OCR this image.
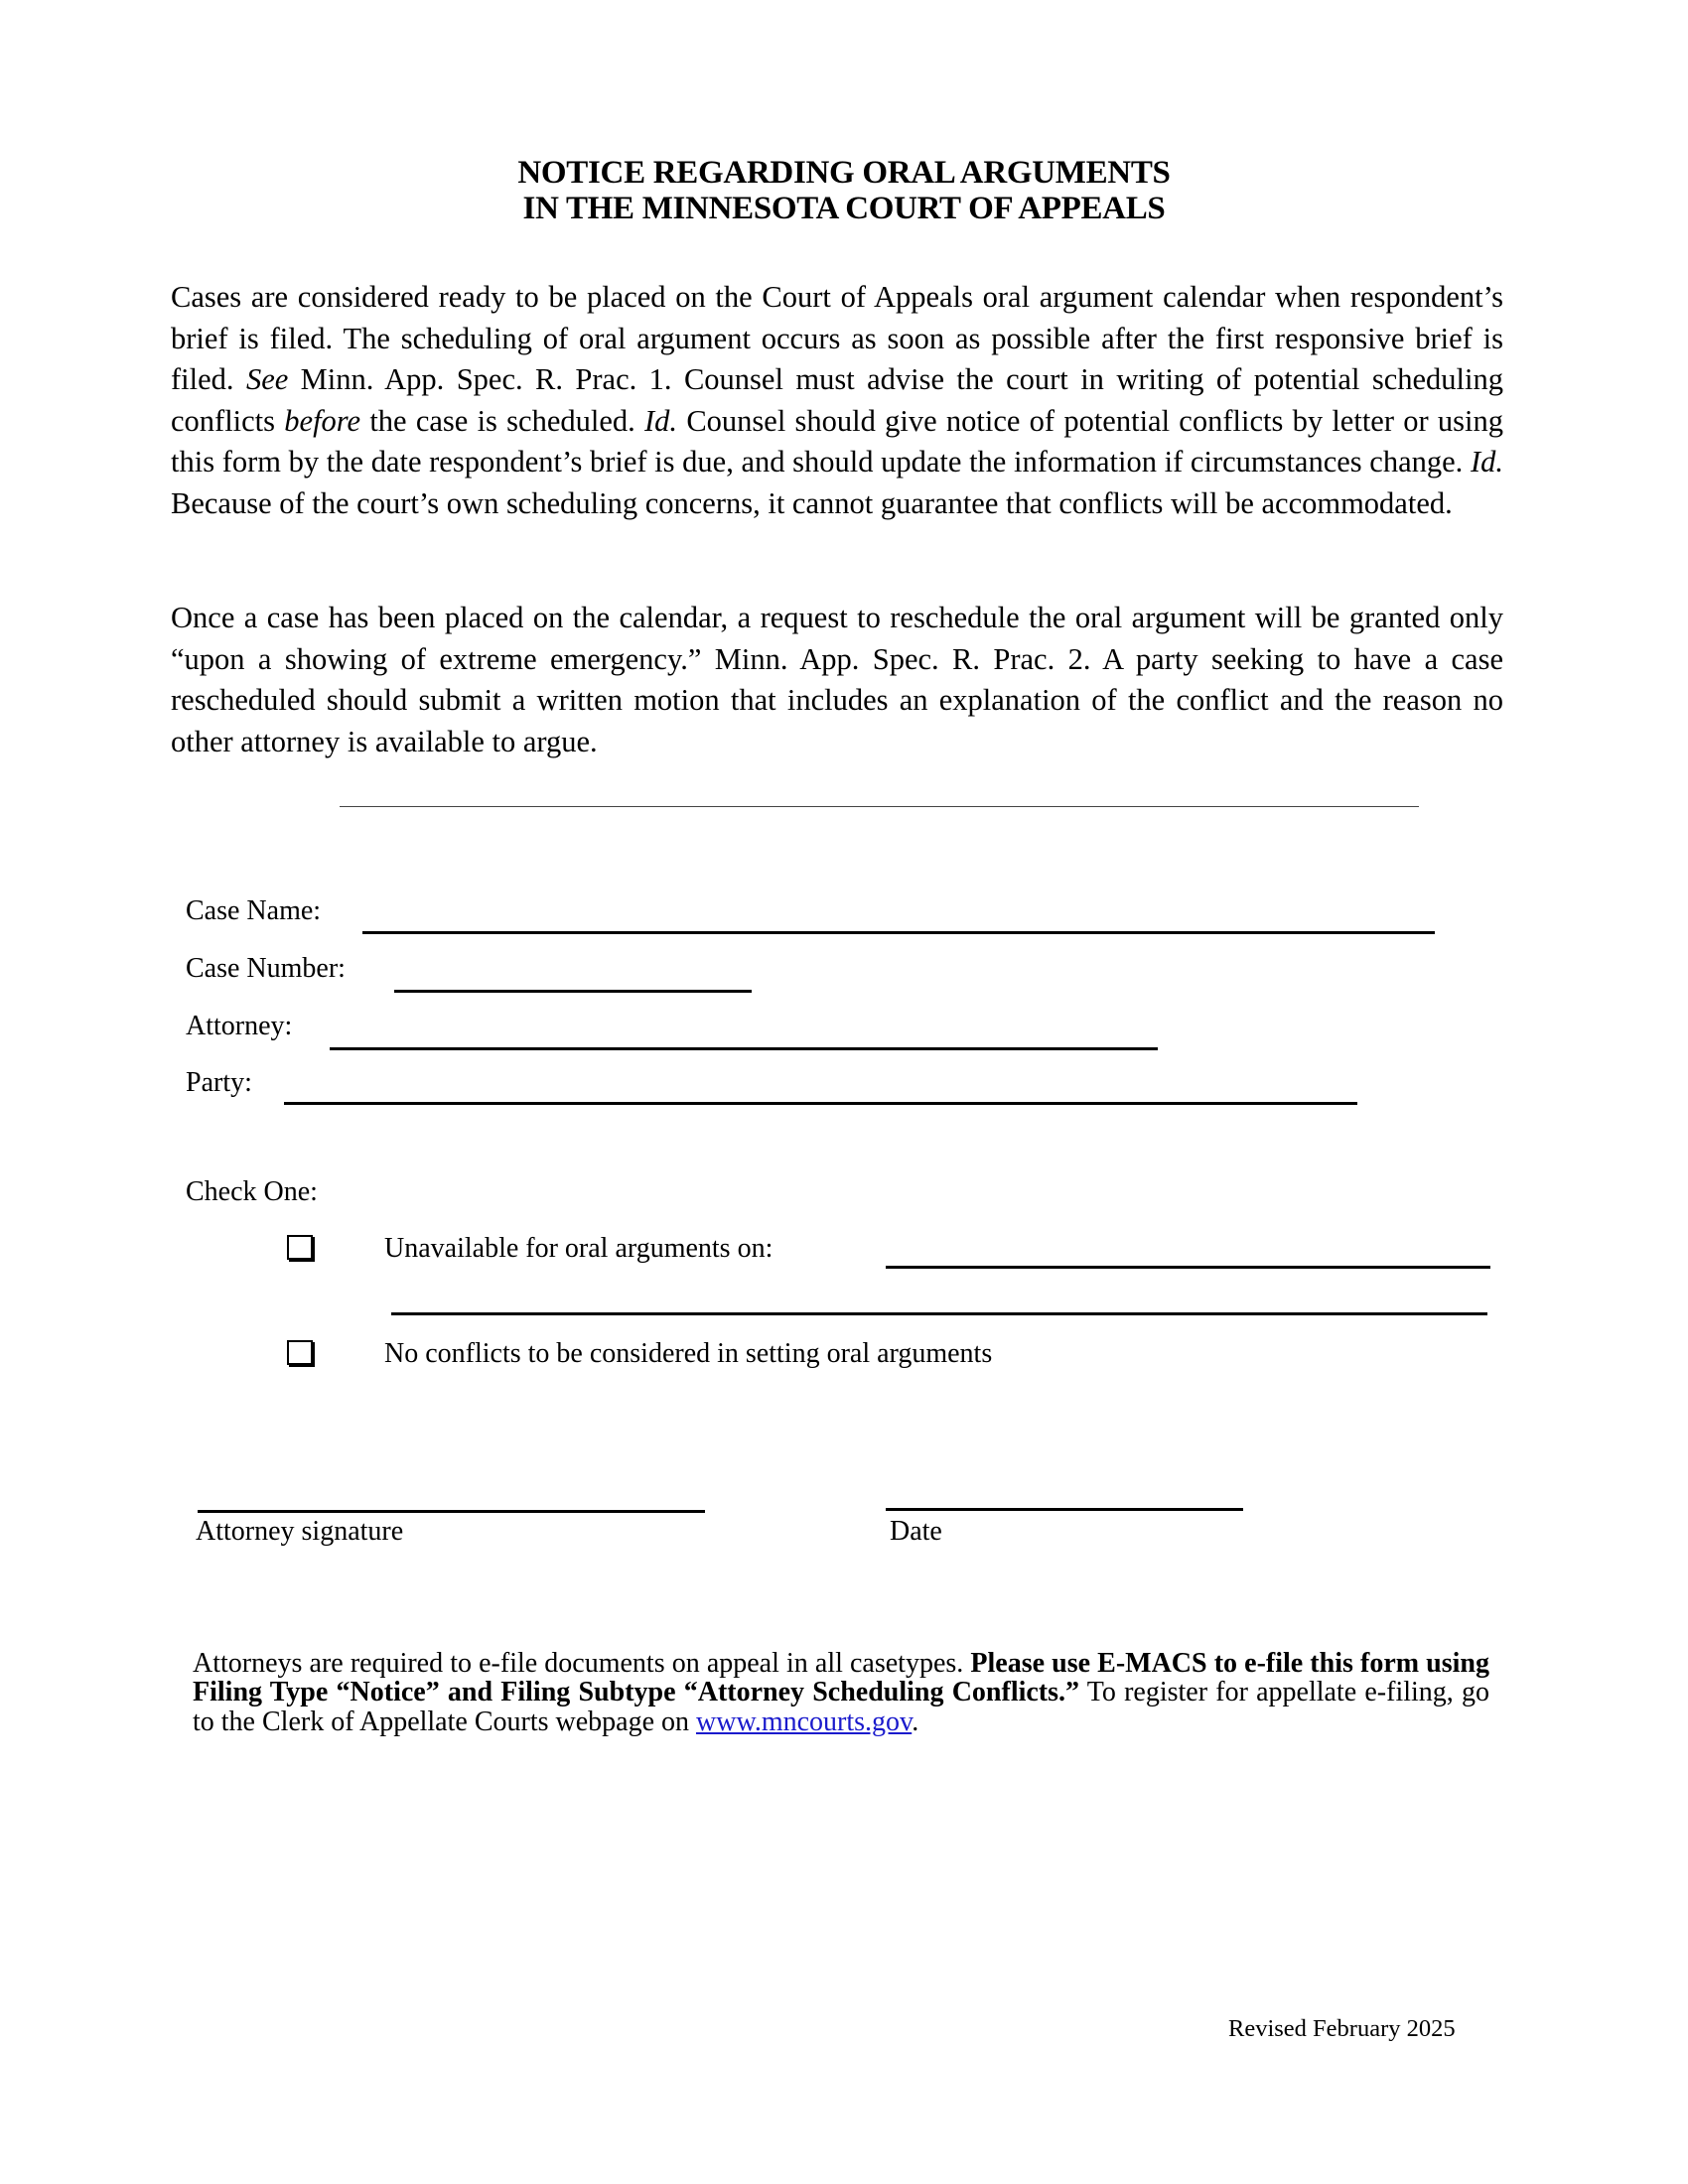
NOTICE REGARDING ORAL ARGUMENTS
IN THE MINNESOTA COURT OF APPEALS
Cases are considered ready to be placed on the Court of Appeals oral argument calendar when respondent’s brief is filed. The scheduling of oral argument occurs as soon as possible after the first responsive brief is filed. See Minn. App. Spec. R. Prac. 1. Counsel must advise the court in writing of potential scheduling conflicts before the case is scheduled. Id. Counsel should give notice of potential conflicts by letter or using this form by the date respondent’s brief is due, and should update the information if circumstances change. Id. Because of the court’s own scheduling concerns, it cannot guarantee that conflicts will be accommodated.
Once a case has been placed on the calendar, a request to reschedule the oral argument will be granted only “upon a showing of extreme emergency.” Minn. App. Spec. R. Prac. 2. A party seeking to have a case rescheduled should submit a written motion that includes an explanation of the conflict and the reason no other attorney is available to argue.
Case Name:
Case Number:
Attorney:
Party:
Check One:
Unavailable for oral arguments on:
No conflicts to be considered in setting oral arguments
Attorney signature	Date
Attorneys are required to e-file documents on appeal in all casetypes. Please use E-MACS to e-file this form using Filing Type “Notice” and Filing Subtype “Attorney Scheduling Conflicts.” To register for appellate e-filing, go to the Clerk of Appellate Courts webpage on www.mncourts.gov.
Revised February 2025
